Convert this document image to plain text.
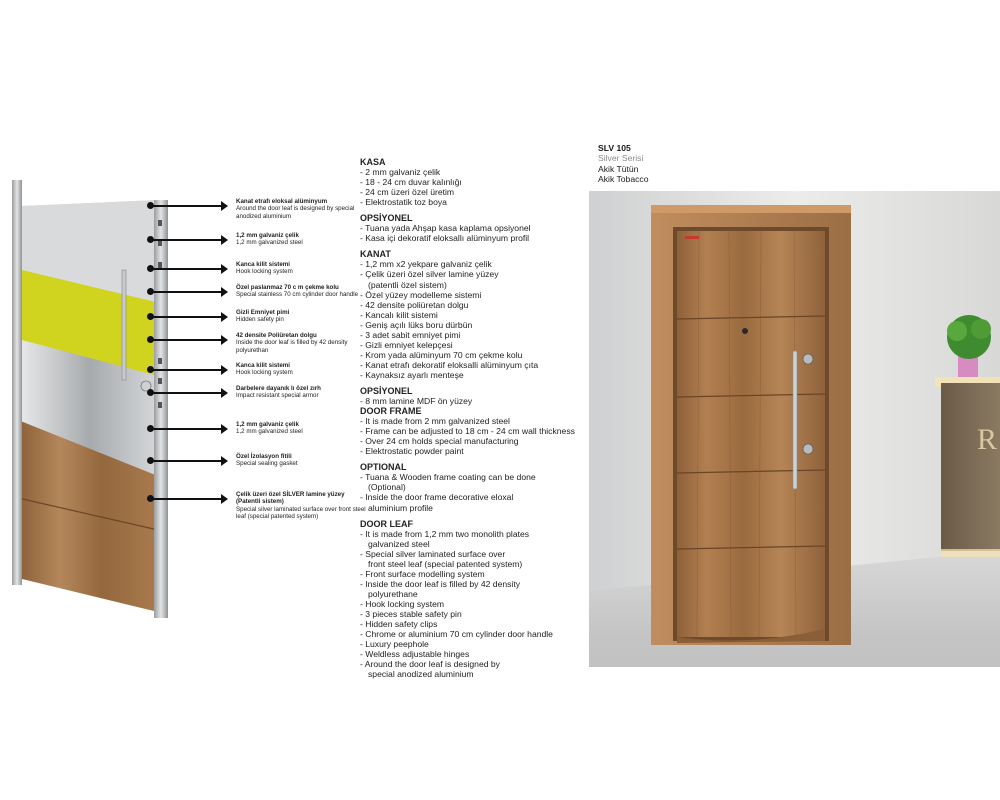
Kanat etrafı eloksal alüminyum
Around the door leaf is designed by special anodized aluminium
1,2 mm galvaniz çelik
1,2 mm galvanized steel
Kanca kilit sistemi
Hook locking system
Özel paslanmaz 70 c m çekme kolu
Special stainless 70 cm cylinder door handle
Gizli Emniyet pimi
Hidden safety pin
42 densite Poliüretan dolgu
Inside the door leaf is filled by 42 density polyurethan
Kanca kilit sistemi
Hook locking system
Darbelere dayanık lı özel zırh
Impact resistant special armor
1,2 mm galvaniz çelik
1,2 mm galvanized steel
Özel İzolasyon fitili
Special sealing gasket
Çelik üzeri özel SİLVER lamine yüzey (Patentli sistem)
Special silver laminated surface over front steel leaf (special patented system)
KASA
- 2 mm galvaniz çelik
- 18 - 24 cm duvar kalınlığı
- 24 cm üzeri özel üretim
- Elektrostatik toz boya
OPSİYONEL
- Tuana yada Ahşap kasa kaplama opsiyonel
- Kasa içi dekoratif eloksallı alüminyum profil
KANAT
- 1,2 mm x2 yekpare galvaniz çelik
- Çelik üzeri özel silver lamine yüzey
(patentli özel sistem)
- Özel yüzey modelleme sistemi
- 42 densite poliüretan dolgu
- Kancalı kilit sistemi
- Geniş açılı lüks boru dürbün
- 3 adet sabit emniyet pimi
- Gizli emniyet kelepçesi
- Krom yada alüminyum 70 cm çekme kolu
- Kanat etrafı dekoratif eloksalli alüminyum çıta
- Kaynaksız ayarlı menteşe
OPSİYONEL
- 8 mm lamine MDF ön yüzey
DOOR FRAME
- It is made from 2 mm galvanized steel
- Frame can be adjusted to 18 cm - 24 cm wall thickness
- Over 24 cm holds special manufacturing
- Elektrostatic powder paint
OPTIONAL
- Tuana & Wooden frame coating can be done
(Optional)
- Inside the door frame decorative eloxal
aluminium profile
DOOR LEAF
- It is made from 1,2 mm two monolith plates
galvanized steel
- Special silver laminated surface over
front steel leaf (special patented system)
- Front surface modelling system
- Inside the door leaf is filled by 42 density
polyurethane
- Hook locking system
- 3 pieces stable safety pin
- Hidden safety clips
- Chrome or aluminium 70 cm cylinder door handle
- Luxury peephole
- Weldless adjustable hinges
- Around the door leaf is designed by
special anodized aluminium
SLV 105
Silver Serisi
Akik Tütün
Akik Tobacco
R
